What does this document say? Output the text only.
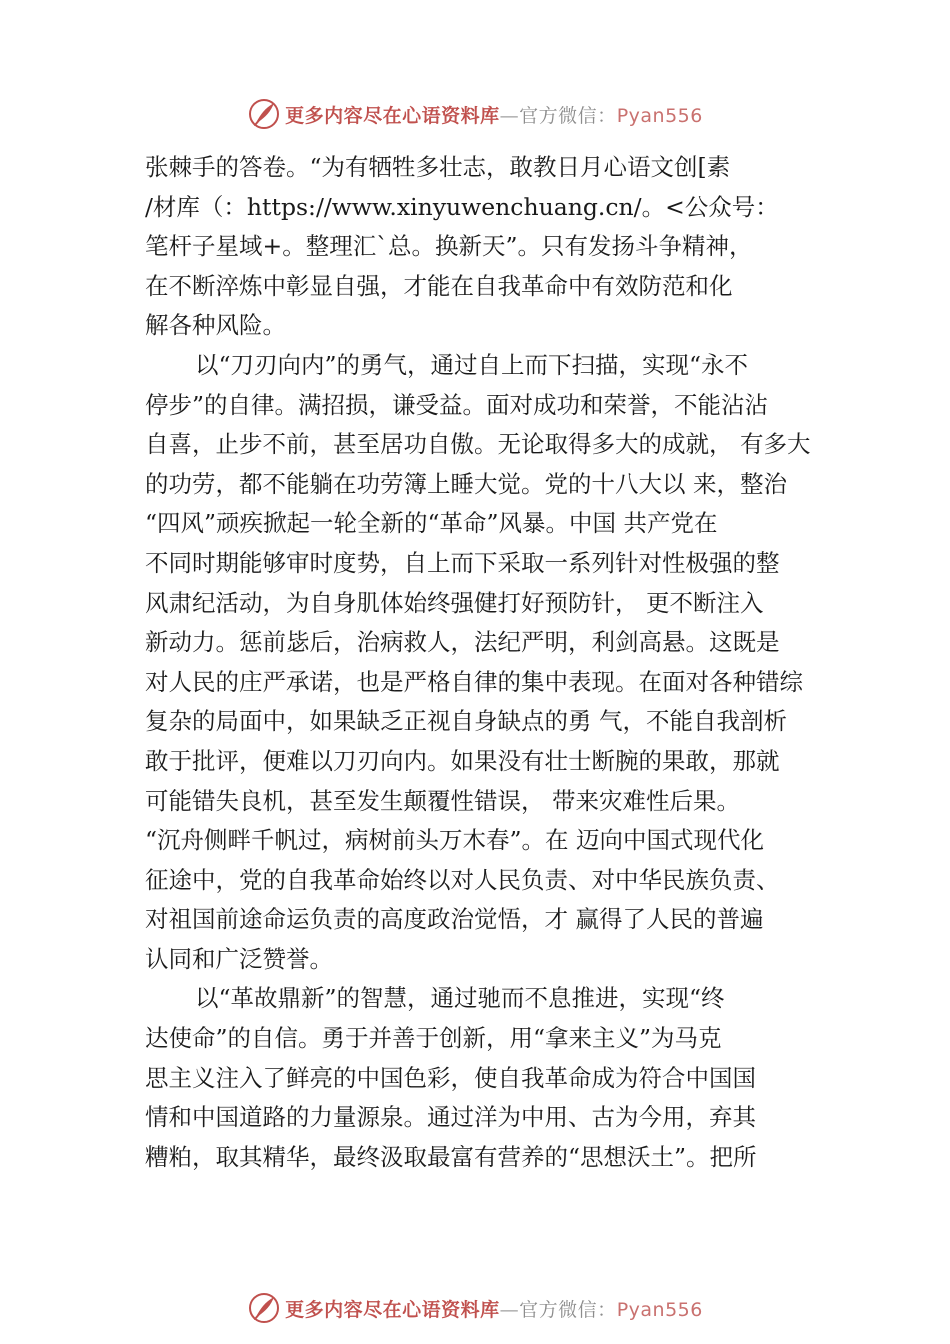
更多内容尽在心语资料库—官方微信：Pyan556
张棘手的答卷。“为有牺牲多壮志，敢教日月心语文创[素
/材库（：https://www.xinyuwenchuang.cn/。<公众号：
笔杆子星域+。整理汇`总。换新天”。只有发扬斗争精神，
在不断淬炼中彰显自强，才能在自我革命中有效防范和化
解各种风险。
以“刀刃向内”的勇气，通过自上而下扫描，实现“永不
停步”的自律。满招损，谦受益。面对成功和荣誉，不能沾沾
自喜，止步不前，甚至居功自傲。无论取得多大的成就， 有多大
的功劳，都不能躺在功劳簿上睡大觉。党的十八大以 来，整治
“四风”顽疾掀起一轮全新的“革命”风暴。中国 共产党在
不同时期能够审时度势，自上而下采取一系列针对性极强的整
风肃纪活动，为自身肌体始终强健打好预防针， 更不断注入
新动力。惩前毖后，治病救人，法纪严明，利剑高悬。这既是
对人民的庄严承诺，也是严格自律的集中表现。在面对各种错综
复杂的局面中，如果缺乏正视自身缺点的勇 气，不能自我剖析
敢于批评，便难以刀刃向内。如果没有壮士断腕的果敢，那就
可能错失良机，甚至发生颠覆性错误， 带来灾难性后果。
“沉舟侧畔千帆过，病树前头万木春”。在 迈向中国式现代化
征途中，党的自我革命始终以对人民负责、对中华民族负责、
对祖国前途命运负责的高度政治觉悟，才 赢得了人民的普遍
认同和广泛赞誉。
以“革故鼎新”的智慧，通过驰而不息推进，实现“终
达使命”的自信。勇于并善于创新，用“拿来主义”为马克
思主义注入了鲜亮的中国色彩，使自我革命成为符合中国国
情和中国道路的力量源泉。通过洋为中用、古为今用，弃其
糟粕，取其精华，最终汲取最富有营养的“思想沃土”。把所
更多内容尽在心语资料库—官方微信：Pyan556
